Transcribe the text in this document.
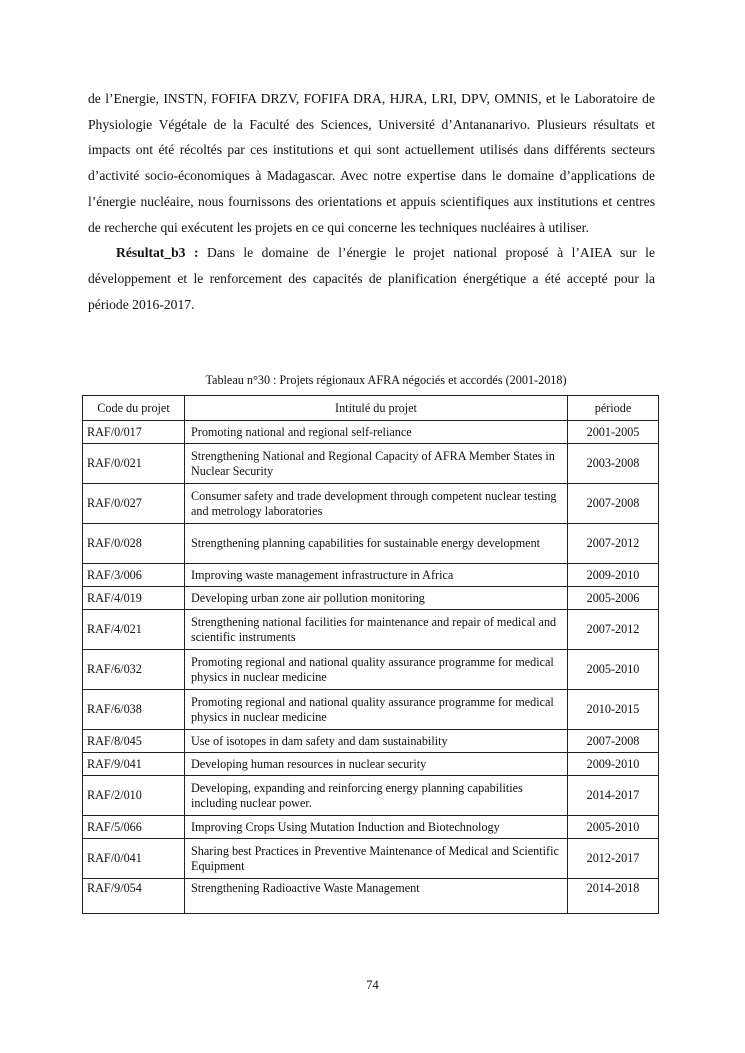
de l’Energie, INSTN, FOFIFA DRZV, FOFIFA DRA, HJRA, LRI, DPV, OMNIS, et le Laboratoire de Physiologie Végétale de la Faculté des Sciences, Université d’Antananarivo. Plusieurs résultats et impacts ont été récoltés par ces institutions et qui sont actuellement utilisés dans différents secteurs d’activité socio-économiques à Madagascar. Avec notre expertise dans le domaine d’applications de l’énergie nucléaire, nous fournissons des orientations et appuis scientifiques aux institutions et centres de recherche qui exécutent les projets en ce qui concerne les techniques nucléaires à utiliser.

Résultat_b3 : Dans le domaine de l’énergie le projet national proposé à l’AIEA sur le développement et le renforcement des capacités de planification énergétique a été accepté pour la période 2016-2017.

Tableau n°30 : Projets régionaux AFRA négociés et accordés (2001-2018)
Code du projet	Intitulé du projet	période
RAF/0/017	Promoting national and regional self-reliance	2001-2005
RAF/0/021	Strengthening National and Regional Capacity of AFRA Member States in Nuclear Security	2003-2008
RAF/0/027	Consumer safety and trade development through competent nuclear testing and metrology laboratories	2007-2008
RAF/0/028	Strengthening planning capabilities for sustainable energy development	2007-2012
RAF/3/006	Improving waste management infrastructure in Africa	2009-2010
RAF/4/019	Developing urban zone air pollution monitoring	2005-2006
RAF/4/021	Strengthening national facilities for maintenance and repair of medical and scientific instruments	2007-2012
RAF/6/032	Promoting regional and national quality assurance programme for medical physics in nuclear medicine	2005-2010
RAF/6/038	Promoting regional and national quality assurance programme for medical physics in nuclear medicine	2010-2015
RAF/8/045	Use of isotopes in dam safety and dam sustainability	2007-2008
RAF/9/041	Developing human resources in nuclear security	2009-2010
RAF/2/010	Developing, expanding and reinforcing energy planning capabilities including nuclear power.	2014-2017
RAF/5/066	Improving Crops Using Mutation Induction and Biotechnology	2005-2010
RAF/0/041	Sharing best Practices in Preventive Maintenance of Medical and Scientific Equipment	2012-2017
RAF/9/054	Strengthening Radioactive Waste Management	2014-2018
74
